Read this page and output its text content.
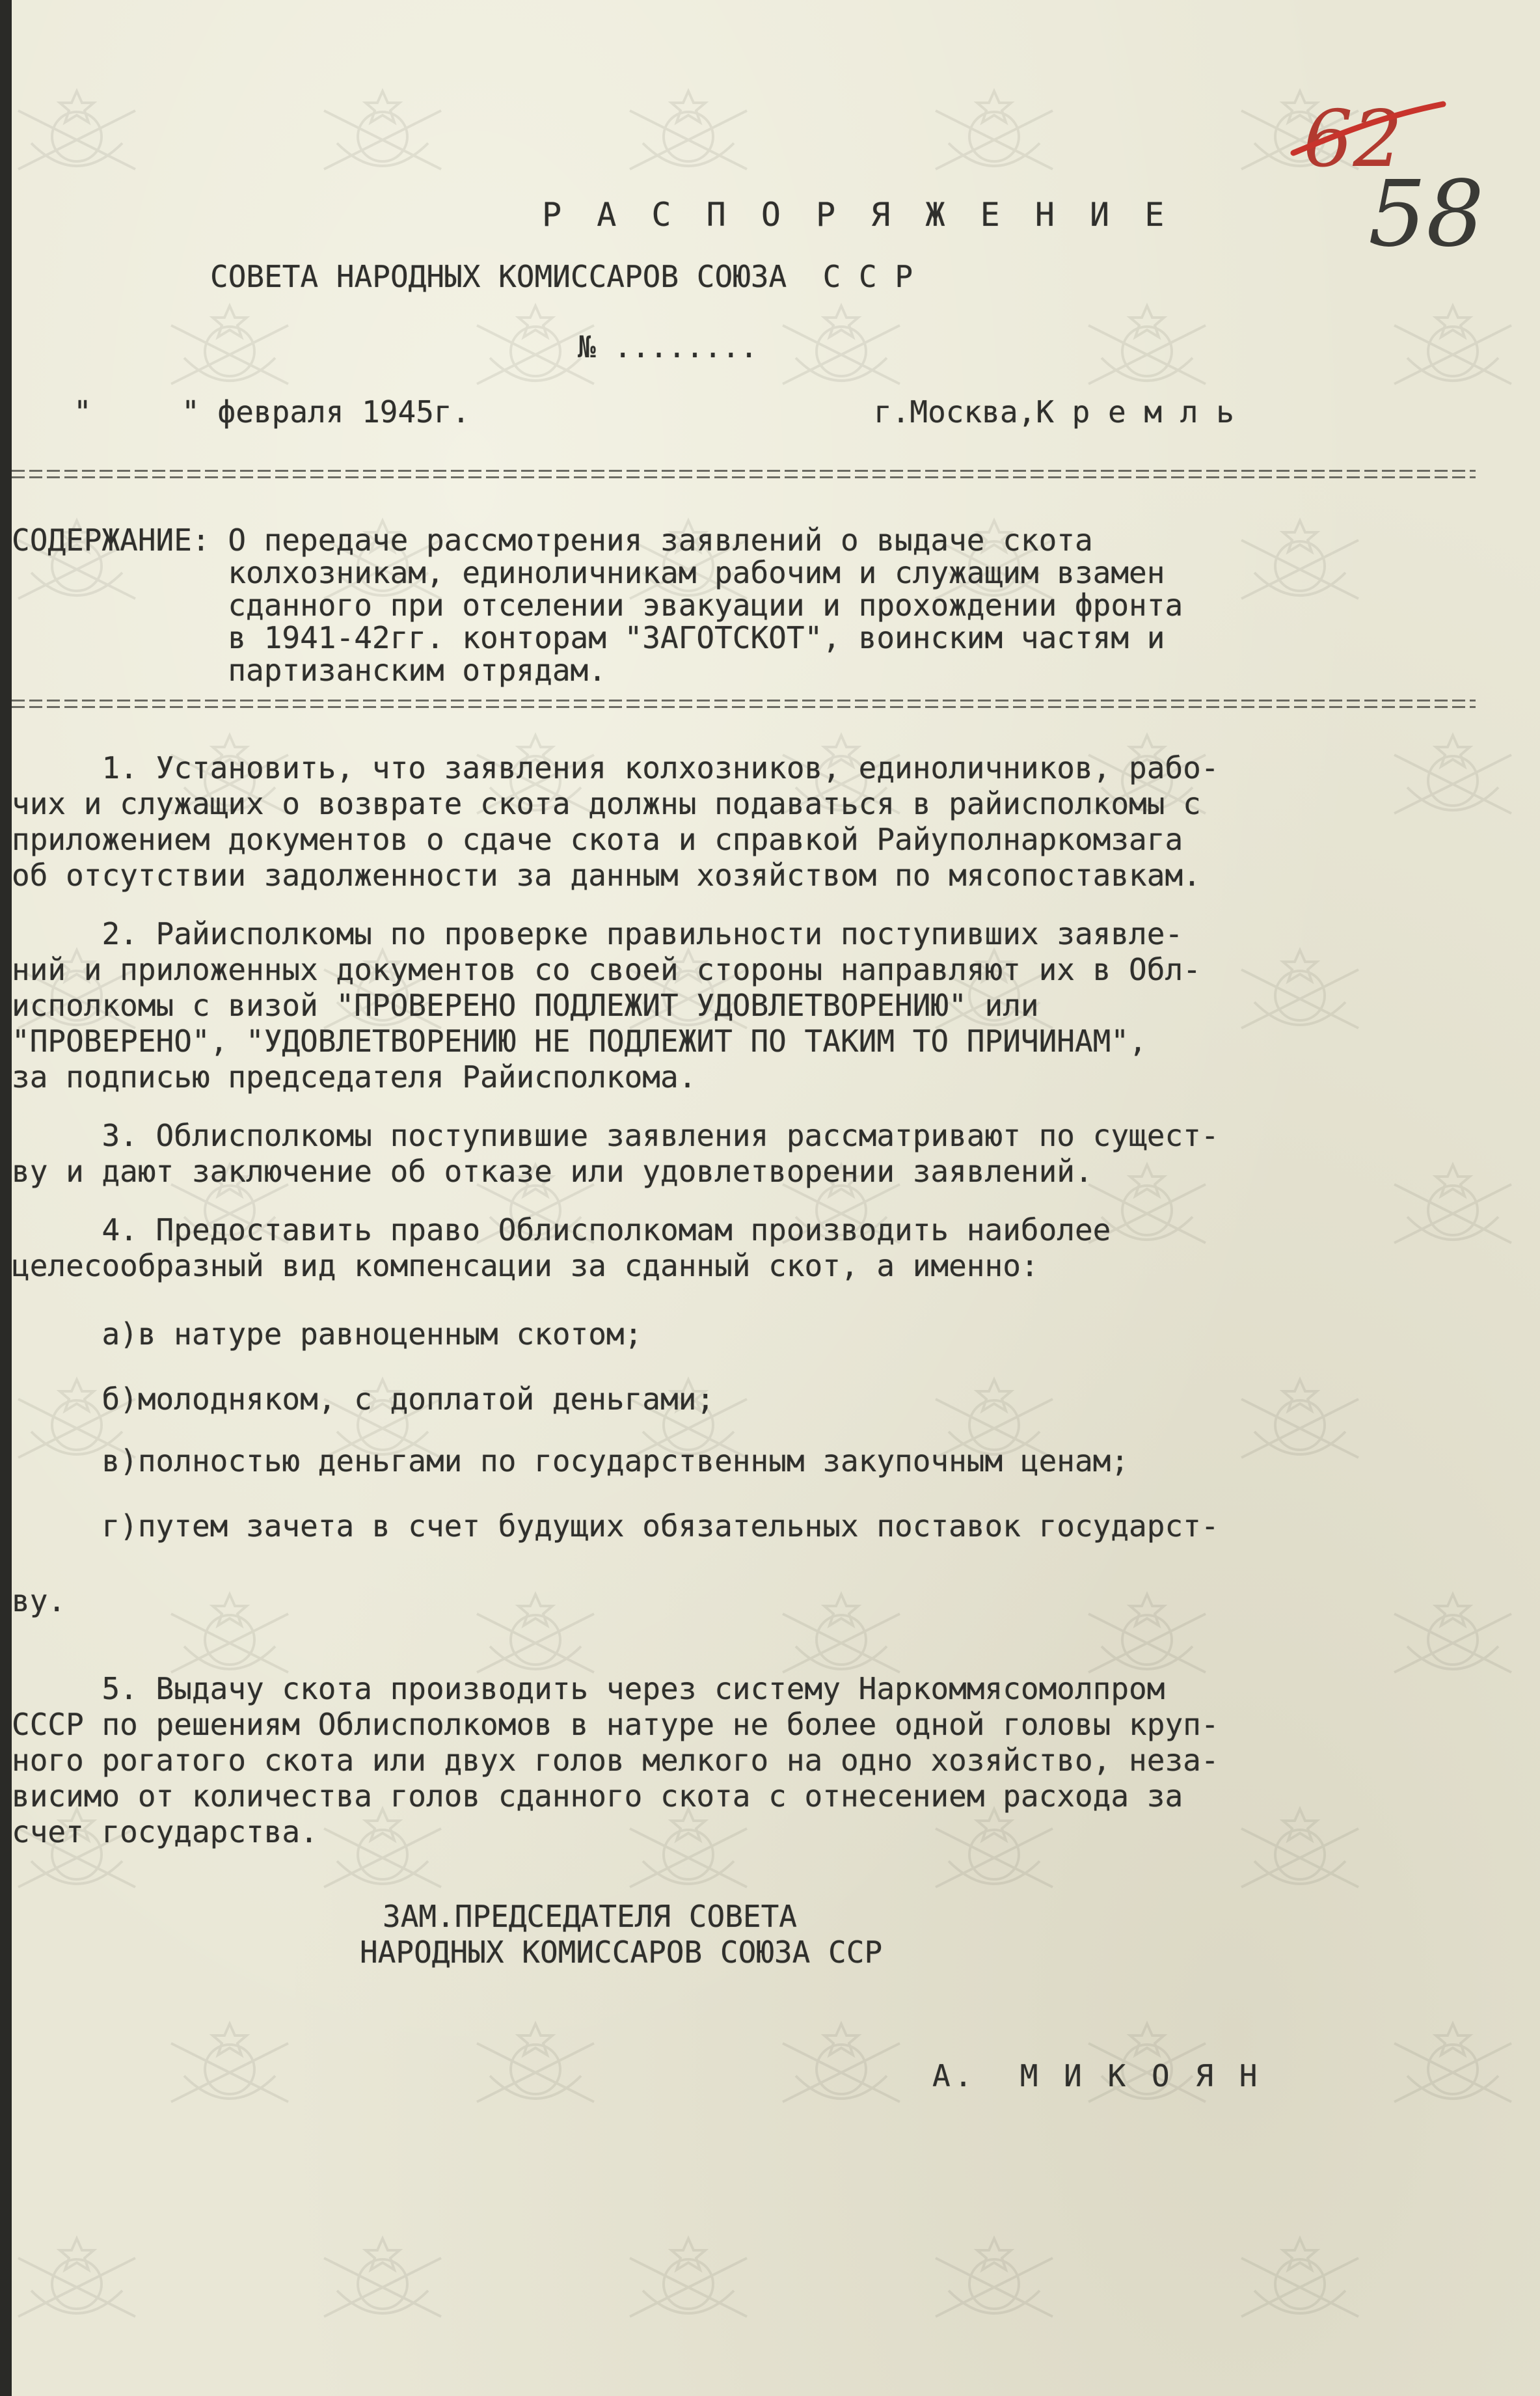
62
58

Р А С П О Р Я Ж Е Н И Е

СОВЕТА НАРОДНЫХ КОМИССАРОВ СОЮЗА  С С Р

№ ........

"     " февраля 1945г.	г.Москва,К р е м л ь

СОДЕРЖАНИЕ: О передаче рассмотрения заявлений о выдаче скота

колхозникам, единоличникам рабочим и служащим взамен

сданного при отселении эвакуации и прохождении фронта

в 1941-42гг. конторам "ЗАГОТСКОТ", воинским частям и

партизанским отрядам.

1. Установить, что заявления колхозников, единоличников, рабо-

чих и служащих о возврате скота должны подаваться в райисполкомы с

приложением документов о сдаче скота и справкой Райуполнаркомзага

об отсутствии задолженности за данным хозяйством по мясопоставкам.

2. Райисполкомы по проверке правильности поступивших заявле-

ний и приложенных документов со своей стороны направляют их в Обл-

исполкомы с визой "ПРОВЕРЕНО ПОДЛЕЖИТ УДОВЛЕТВОРЕНИЮ" или

"ПРОВЕРЕНО", "УДОВЛЕТВОРЕНИЮ НЕ ПОДЛЕЖИТ ПО ТАКИМ ТО ПРИЧИНАМ",

за подписью председателя Райисполкома.

3. Облисполкомы поступившие заявления рассматривают по сущест-

ву и дают заключение об отказе или удовлетворении заявлений.

4. Предоставить право Облисполкомам производить наиболее

целесообразный вид компенсации за сданный скот, а именно:

а)в натуре равноценным скотом;

б)молодняком, с доплатой деньгами;

в)полностью деньгами по государственным закупочным ценам;

г)путем зачета в счет будущих обязательных поставок государст-

ву.

5. Выдачу скота производить через систему Наркоммясомолпром

СССР по решениям Облисполкомов в натуре не более одной головы круп-

ного рогатого скота или двух голов мелкого на одно хозяйство, неза-

висимо от количества голов сданного скота с отнесением расхода за

счет государства.

ЗАМ.ПРЕДСЕДАТЕЛЯ СОВЕТА

НАРОДНЫХ КОМИССАРОВ СОЮЗА ССР

А.  М И К О Я Н
